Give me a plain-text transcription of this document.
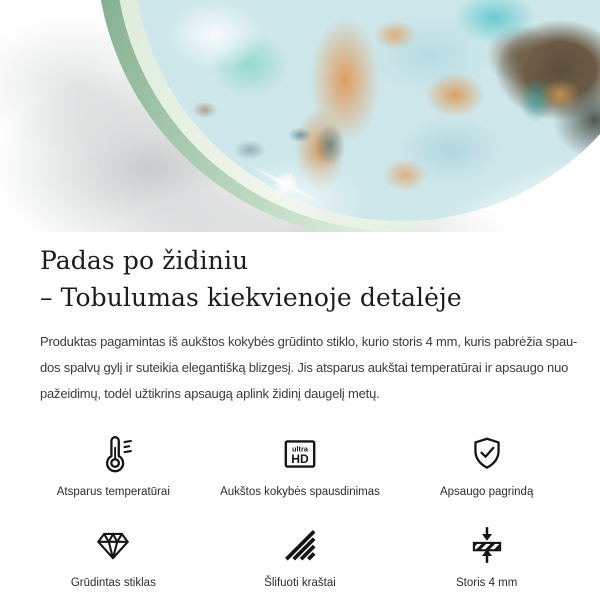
Padas po židiniu
– Tobulumas kiekvienoje detalėje

Produktas pagamintas iš aukštos kokybės grūdinto stiklo, kurio storis 4 mm, kuris pabrėžia spau-
dos spalvų gylį ir suteikia elegantišką blizgesį. Jis atsparus aukštai temperatūrai ir apsaugo nuo
pažeidimų, todėl užtikrins apsaugą aplink židinį daugelį metų.

Atsparus temperatūrai
ultra
HD
Aukštos kokybės spausdinimas	Apsaugo pagrindą
Grūdintas stiklas	Šlifuoti kraštai	Storis 4 mm
